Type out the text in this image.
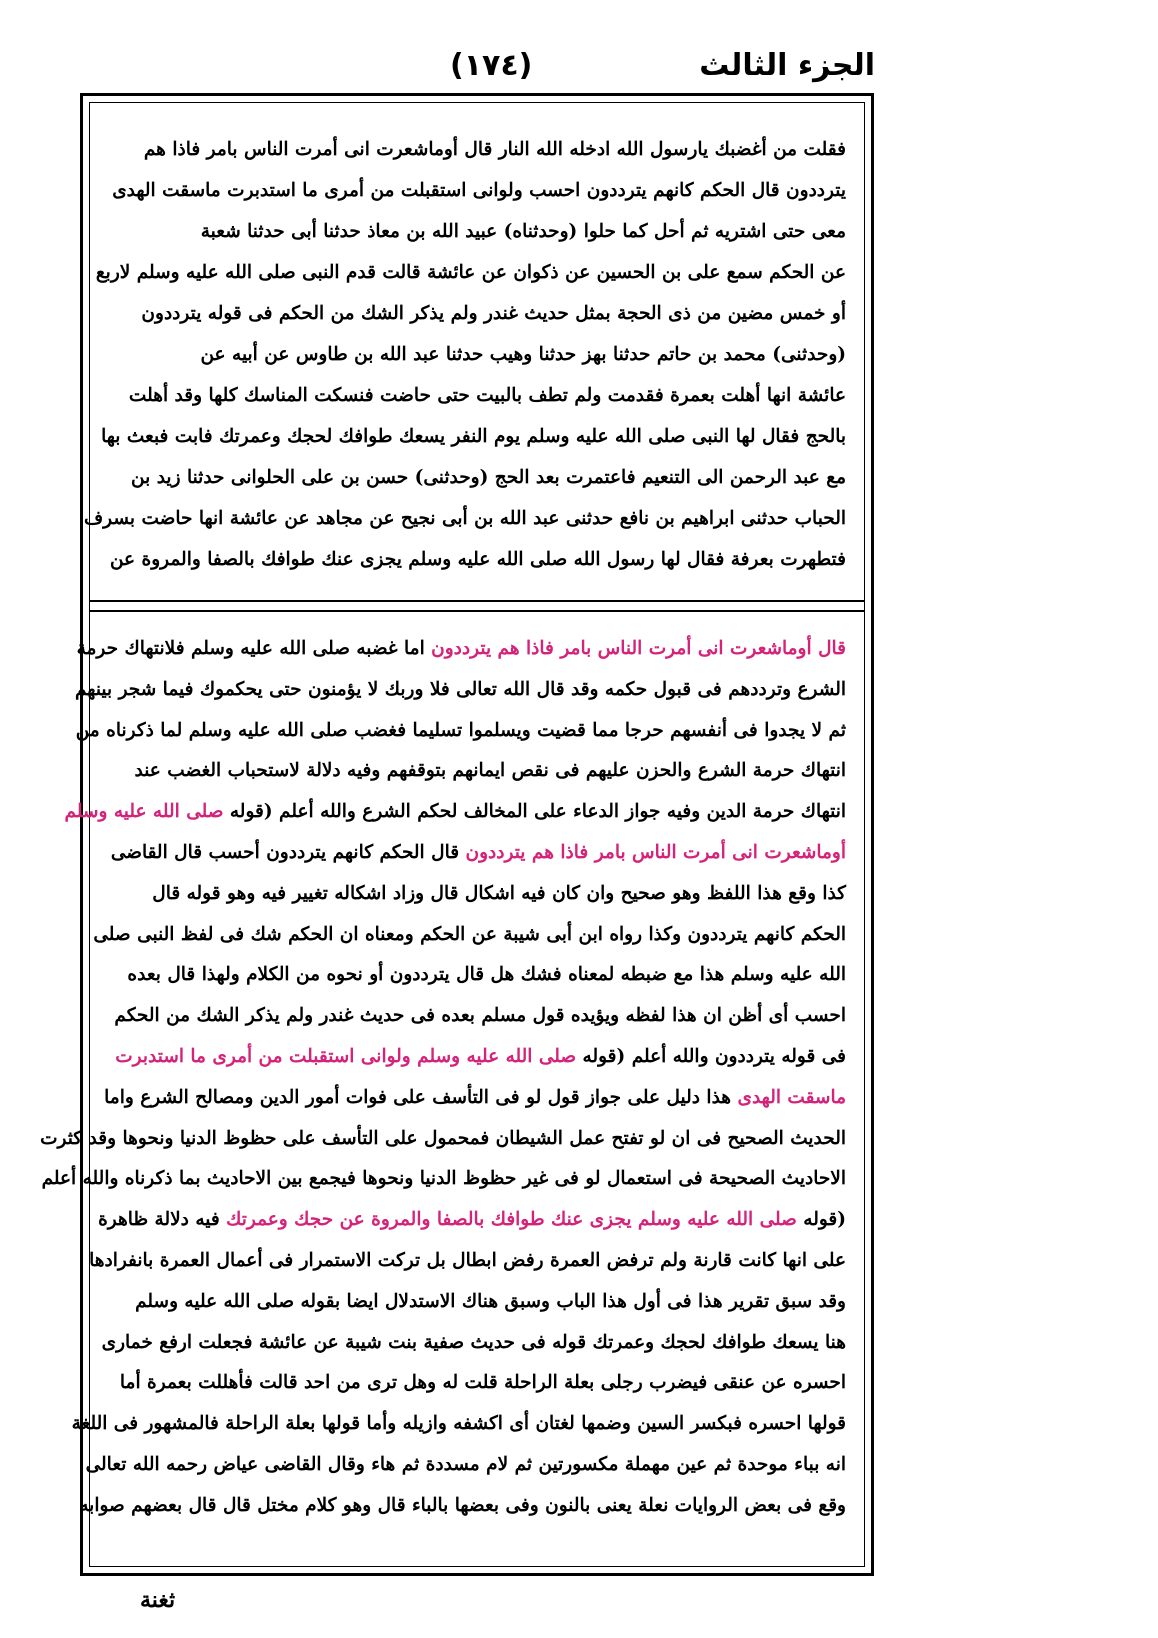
الجزء الثالث
(١٧٤)
فقلت من أغضبك يارسول الله ادخله الله النار قال أوماشعرت انى أمرت الناس بامر فاذا هم
يترددون قال الحكم كانهم يترددون احسب ولوانى استقبلت من أمرى ما استدبرت ماسقت الهدى
معى حتى اشتريه ثم أحل كما حلوا (وحدثناه) عبيد الله بن معاذ حدثنا أبى حدثنا شعبة
عن الحكم سمع على بن الحسين عن ذكوان عن عائشة قالت قدم النبى صلى الله عليه وسلم لاربع
أو خمس مضين من ذى الحجة بمثل حديث غندر ولم يذكر الشك من الحكم فى قوله يترددون
(وحدثنى) محمد بن حاتم حدثنا بهز حدثنا وهيب حدثنا عبد الله بن طاوس عن أبيه عن
عائشة انها أهلت بعمرة فقدمت ولم تطف بالبيت حتى حاضت فنسكت المناسك كلها وقد أهلت
بالحج فقال لها النبى صلى الله عليه وسلم يوم النفر يسعك طوافك لحجك وعمرتك فابت فبعث بها
مع عبد الرحمن الى التنعيم فاعتمرت بعد الحج (وحدثنى) حسن بن على الحلوانى حدثنا زيد بن
الحباب حدثنى ابراهيم بن نافع حدثنى عبد الله بن أبى نجيح عن مجاهد عن عائشة انها حاضت بسرف
فتطهرت بعرفة فقال لها رسول الله صلى الله عليه وسلم يجزى عنك طوافك بالصفا والمروة عن
قال أوماشعرت انى أمرت الناس بامر فاذا هم يترددون اما غضبه صلى الله عليه وسلم فلانتهاك حرمة
الشرع وترددهم فى قبول حكمه وقد قال الله تعالى فلا وربك لا يؤمنون حتى يحكموك فيما شجر بينهم
ثم لا يجدوا فى أنفسهم حرجا مما قضيت ويسلموا تسليما فغضب صلى الله عليه وسلم لما ذكرناه من
انتهاك حرمة الشرع والحزن عليهم فى نقص ايمانهم بتوقفهم وفيه دلالة لاستحباب الغضب عند
انتهاك حرمة الدين وفيه جواز الدعاء على المخالف لحكم الشرع والله أعلم (قوله صلى الله عليه وسلم
أوماشعرت انى أمرت الناس بامر فاذا هم يترددون قال الحكم كانهم يترددون أحسب قال القاضى
كذا وقع هذا اللفظ وهو صحيح وان كان فيه اشكال قال وزاد اشكاله تغيير فيه وهو قوله قال
الحكم كانهم يترددون وكذا رواه ابن أبى شيبة عن الحكم ومعناه ان الحكم شك فى لفظ النبى صلى
الله عليه وسلم هذا مع ضبطه لمعناه فشك هل قال يترددون أو نحوه من الكلام ولهذا قال بعده
احسب أى أظن ان هذا لفظه ويؤيده قول مسلم بعده فى حديث غندر ولم يذكر الشك من الحكم
فى قوله يترددون والله أعلم (قوله صلى الله عليه وسلم ولوانى استقبلت من أمرى ما استدبرت
ماسقت الهدى هذا دليل على جواز قول لو فى التأسف على فوات أمور الدين ومصالح الشرع واما
الحديث الصحيح فى ان لو تفتح عمل الشيطان فمحمول على التأسف على حظوظ الدنيا ونحوها وقد كثرت
الاحاديث الصحيحة فى استعمال لو فى غير حظوظ الدنيا ونحوها فيجمع بين الاحاديث بما ذكرناه والله أعلم
(قوله صلى الله عليه وسلم يجزى عنك طوافك بالصفا والمروة عن حجك وعمرتك فيه دلالة ظاهرة
على انها كانت قارنة ولم ترفض العمرة رفض ابطال بل تركت الاستمرار فى أعمال العمرة بانفرادها
وقد سبق تقرير هذا فى أول هذا الباب وسبق هناك الاستدلال ايضا بقوله صلى الله عليه وسلم
هنا يسعك طوافك لحجك وعمرتك قوله فى حديث صفية بنت شيبة عن عائشة فجعلت ارفع خمارى
احسره عن عنقى فيضرب رجلى بعلة الراحلة قلت له وهل ترى من احد قالت فأهللت بعمرة أما
قولها احسره فبكسر السين وضمها لغتان أى اكشفه وازيله وأما قولها بعلة الراحلة فالمشهور فى اللغة
انه بباء موحدة ثم عين مهملة مكسورتين ثم لام مسددة ثم هاء وقال القاضى عياض رحمه الله تعالى
وقع فى بعض الروايات نعلة يعنى بالنون وفى بعضها بالباء قال وهو كلام مختل قال قال بعضهم صوابه
ثغنة
